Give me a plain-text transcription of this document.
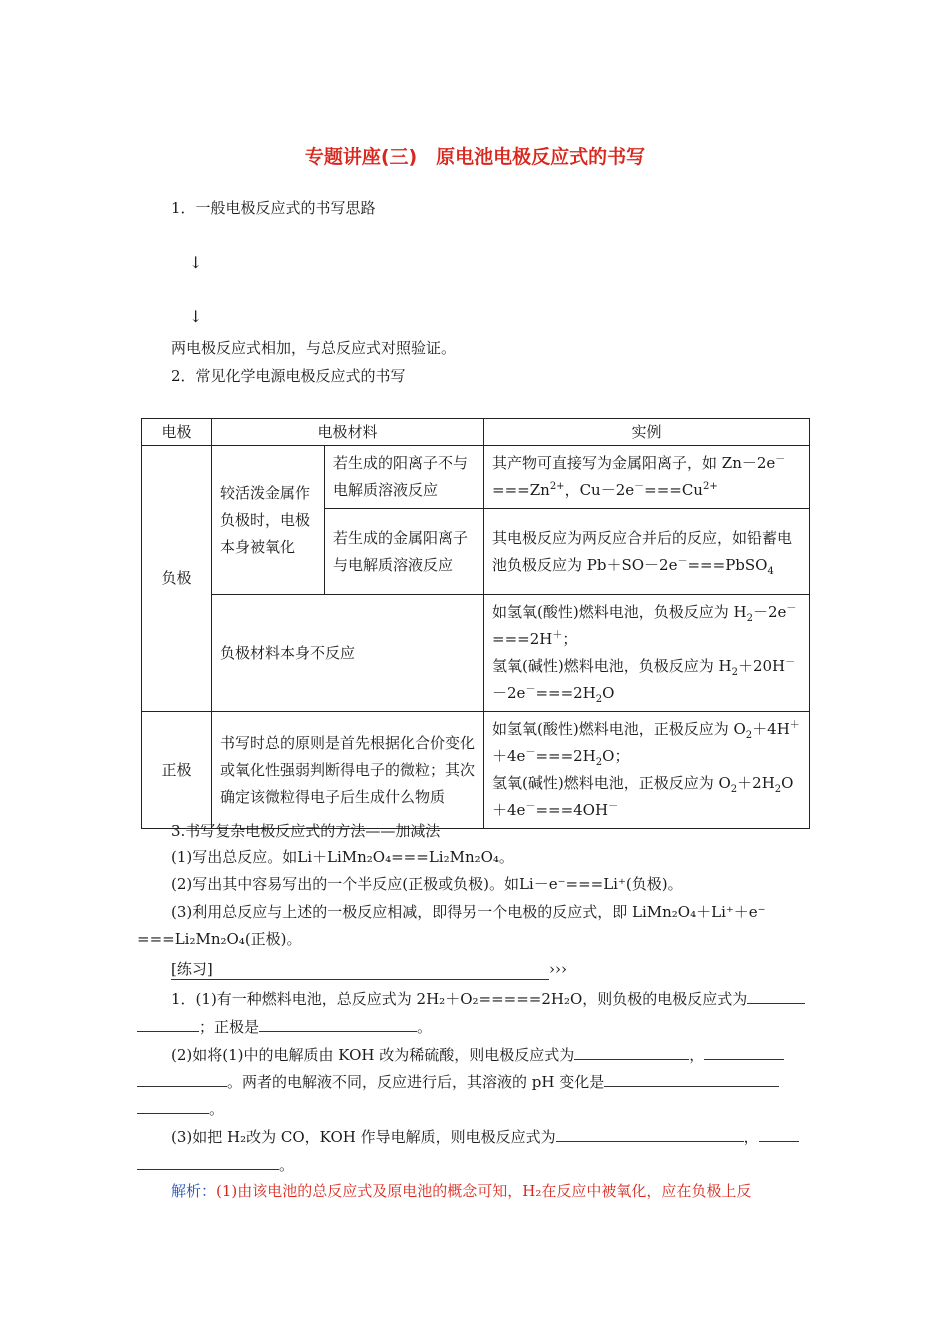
专题讲座(三)　原电池电极反应式的书写
1．一般电极反应式的书写思路
↓
↓
两电极反应式相加，与总反应式对照验证。
2．常见化学电源电极反应式的书写
电极	电极材料		实例
负极	较活泼金属作负极时，电极本身被氧化	若生成的阳离子不与电解质溶液反应	其产物可直接写为金属阳离子，如 $Zn-2e^-===Zn^{2+}$，$Cu-2e^-===Cu^{2+}$
		若生成的金属阳离子与电解质溶液反应	其电极反应为两反应合并后的反应，如铅蓄电池负极反应为 Pb＋SO－2e－===PbSO$_4$
	负极材料本身不反应		如氢氧(酸性)燃料电池，负极反应为 $H_2-2e^-===2H^+$；
氢氧(碱性)燃料电池，负极反应为 $H_2+20H^--2e^-===2H_2O$
正极	书写时总的原则是首先根据化合价变化或氧化性强弱判断得电子的微粒；其次确定该微粒得电子后生成什么物质		如氢氧(酸性)燃料电池，正极反应为 $O_2+4H^++4e^-===2H_2O$；
氢氧(碱性)燃料电池，正极反应为 $O_2+2H_2O+4e^-===4OH^-$
3.书写复杂电极反应式的方法——加减法
(1)写出总反应。如Li＋LiMn₂O₄===Li₂Mn₂O₄。
(2)写出其中容易写出的一个半反应(正极或负极)。如Li－e⁻===Li⁺(负极)。
(3)利用总反应与上述的一极反应相减，即得另一个电极的反应式，即 LiMn₂O₄＋Li⁺＋e⁻
===Li₂Mn₂O₄(正极)。
[练习]	›››
1．(1)有一种燃料电池，总反应式为 2H₂＋O₂=====2H₂O，则负极的电极反应式为
；正极是	。
(2)如将(1)中的电解质由 KOH 改为稀硫酸，则电极反应式为	，
。两者的电解液不同，反应进行后，其溶液的 pH 变化是
。
(3)如把 H₂改为 CO，KOH 作导电解质，则电极反应式为	，
。
解析：(1)由该电池的总反应式及原电池的概念可知，H₂在反应中被氧化，应在负极上反
